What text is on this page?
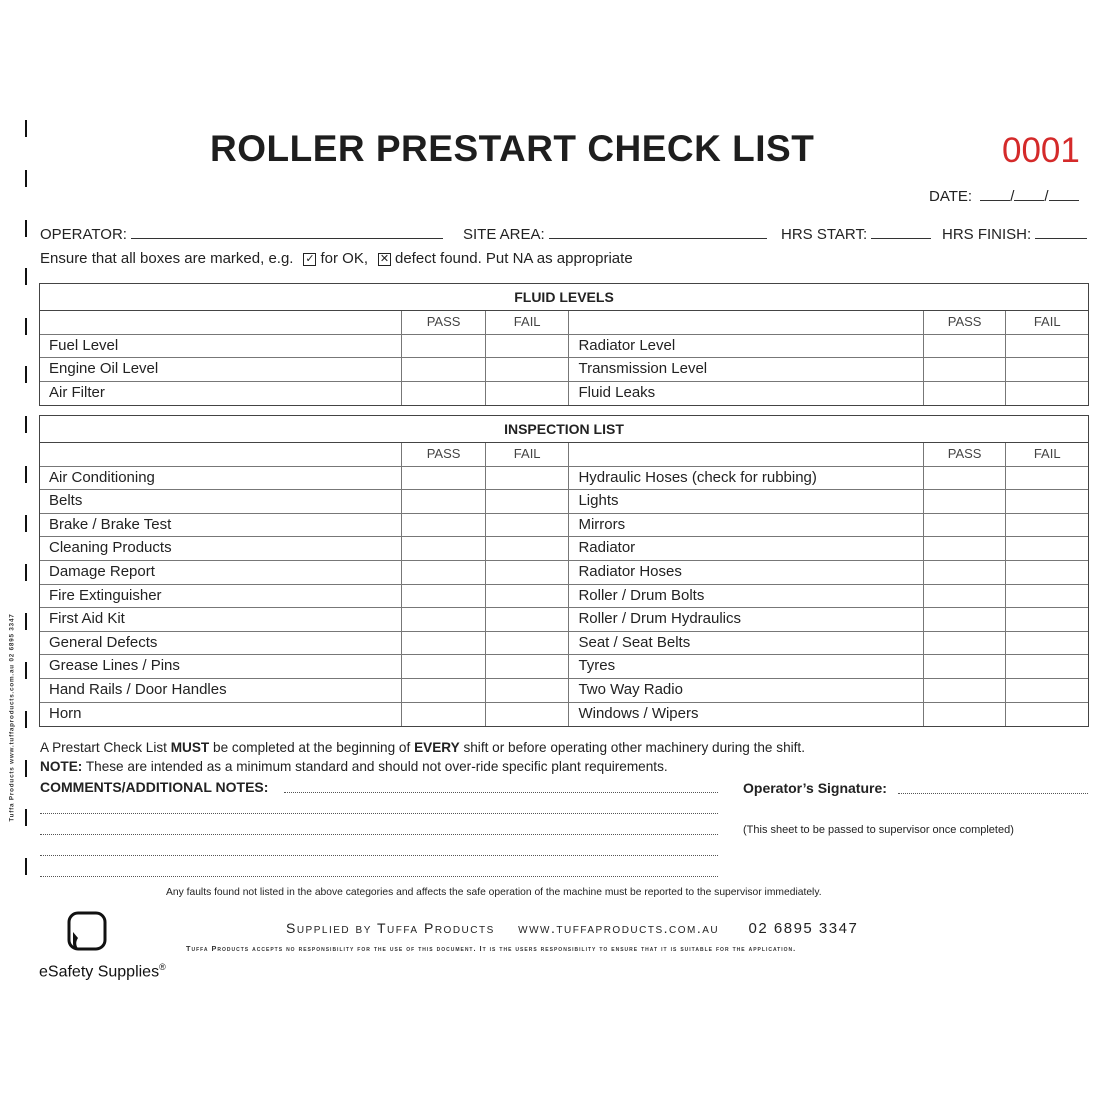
Tuffa Products www.tuffaproducts.com.au 02 6895 3347
ROLLER PRESTART CHECK LIST	0001
DATE:	/ /
OPERATOR:	SITE AREA:	HRS START:	HRS FINISH:
Ensure that all boxes are marked, e.g. ✓ for OK, ✕ defect found. Put NA as appropriate
FLUID LEVELS
PASS	FAIL	PASS	FAIL
Fuel Level	Radiator Level
Engine Oil Level	Transmission Level
Air Filter	Fluid Leaks
INSPECTION LIST
PASS	FAIL	PASS	FAIL
Air Conditioning	Hydraulic Hoses (check for rubbing)
Belts	Lights
Brake / Brake Test	Mirrors
Cleaning Products	Radiator
Damage Report	Radiator Hoses
Fire Extinguisher	Roller / Drum Bolts
First Aid Kit	Roller / Drum Hydraulics
General Defects	Seat / Seat Belts
Grease Lines / Pins	Tyres
Hand Rails / Door Handles	Two Way Radio
Horn	Windows / Wipers
A Prestart Check List MUST be completed at the beginning of EVERY shift or before operating other machinery during the shift.
NOTE: These are intended as a minimum standard and should not over-ride specific plant requirements.
COMMENTS/ADDITIONAL NOTES:	Operator’s Signature:
(This sheet to be passed to supervisor once completed)
Any faults found not listed in the above categories and affects the safe operation of the machine must be reported to the supervisor immediately.
Supplied by Tuffa Products www.tuffaproducts.com.au 02 6895 3347
Tuffa Products accepts no responsibility for the use of this document. It is the users responsibility to ensure that it is suitable for the application.
eSafety Supplies®
